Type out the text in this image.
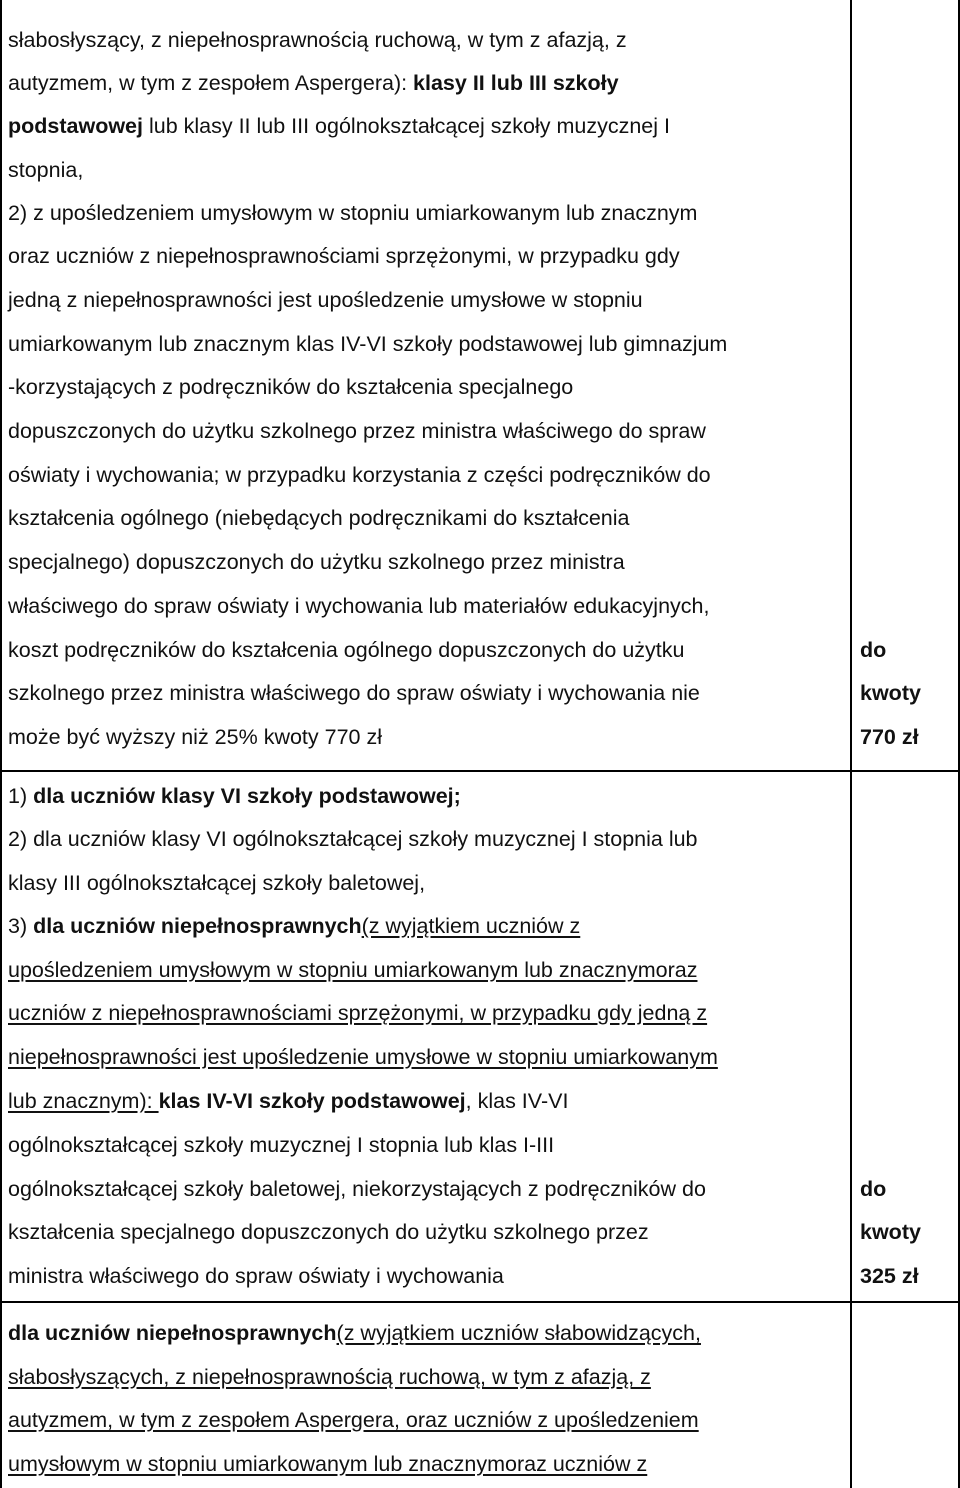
słabosłyszący, z niepełnosprawnością ruchową, w tym z afazją, z
autyzmem, w tym z zespołem Aspergera): klasy II lub III szkoły
podstawowej lub klasy II lub III ogólnokształcącej szkoły muzycznej I
stopnia,
2) z upośledzeniem umysłowym w stopniu umiarkowanym lub znacznym
oraz uczniów z niepełnosprawnościami sprzężonymi, w przypadku gdy
jedną z niepełnosprawności jest upośledzenie umysłowe w stopniu
umiarkowanym lub znacznym klas IV-VI szkoły podstawowej lub gimnazjum
-korzystających z podręczników do kształcenia specjalnego
dopuszczonych do użytku szkolnego przez ministra właściwego do spraw
oświaty i wychowania; w przypadku korzystania z części podręczników do
kształcenia ogólnego (niebędących podręcznikami do kształcenia
specjalnego) dopuszczonych do użytku szkolnego przez ministra
właściwego do spraw oświaty i wychowania lub materiałów edukacyjnych,
koszt podręczników do kształcenia ogólnego dopuszczonych do użytku
szkolnego przez ministra właściwego do spraw oświaty i wychowania nie
może być wyższy niż 25% kwoty 770 zł
do
kwoty
770 zł
1) dla uczniów klasy VI szkoły podstawowej;
2) dla uczniów klasy VI ogólnokształcącej szkoły muzycznej I stopnia lub
klasy III ogólnokształcącej szkoły baletowej,
3) dla uczniów niepełnosprawnych(z wyjątkiem uczniów z
upośledzeniem umysłowym w stopniu umiarkowanym lub znacznymoraz
uczniów z niepełnosprawnościami sprzężonymi, w przypadku gdy jedną z
niepełnosprawności jest upośledzenie umysłowe w stopniu umiarkowanym
lub znacznym): klas IV-VI szkoły podstawowej, klas IV-VI
ogólnokształcącej szkoły muzycznej I stopnia lub klas I-III
ogólnokształcącej szkoły baletowej, niekorzystających z podręczników do
kształcenia specjalnego dopuszczonych do użytku szkolnego przez
ministra właściwego do spraw oświaty i wychowania
do
kwoty
325 zł
dla uczniów niepełnosprawnych(z wyjątkiem uczniów słabowidzących,
słabosłyszących, z niepełnosprawnością ruchową, w tym z afazją, z
autyzmem, w tym z zespołem Aspergera, oraz uczniów z upośledzeniem
umysłowym w stopniu umiarkowanym lub znacznymoraz uczniów z
